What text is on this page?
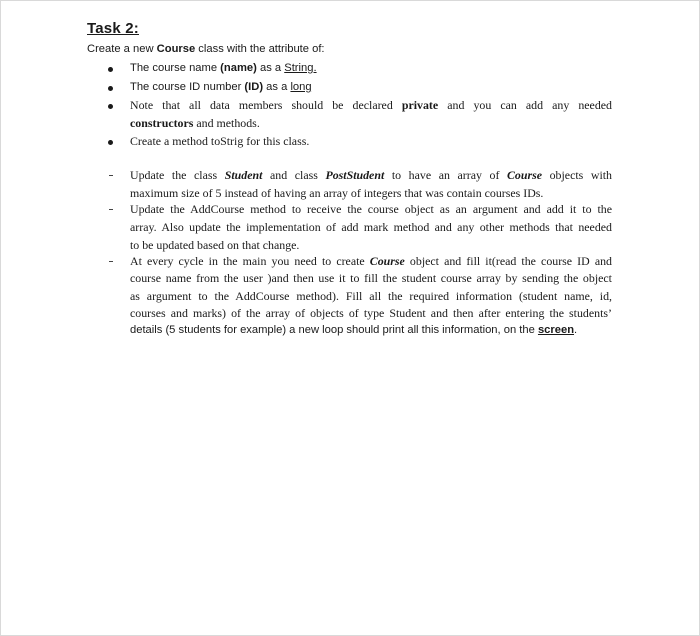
Task 2:
Create a new Course class with the attribute of:
The course name (name) as a String.
The course ID number (ID) as a long
Note that all data members should be declared private and you can add any needed
constructors and methods.
Create a method toStrig for this class.
Update the class Student and class PostStudent to have an array of Course objects with
maximum size of 5 instead of having an array of integers that was contain courses IDs.
Update the AddCourse method to receive the course object as an argument and add it to the
array. Also update the implementation of add mark method and any other methods that needed
to be updated based on that change.
At every cycle in the main you need to create Course object and fill it(read the course ID and
course name from the user )and then use it to fill the student course array by sending the object
as argument to the AddCourse method). Fill all the required information (student name, id,
courses and marks) of the array of objects of type Student and then after entering the students’
details (5 students for example) a new loop should print all this information, on the screen.
